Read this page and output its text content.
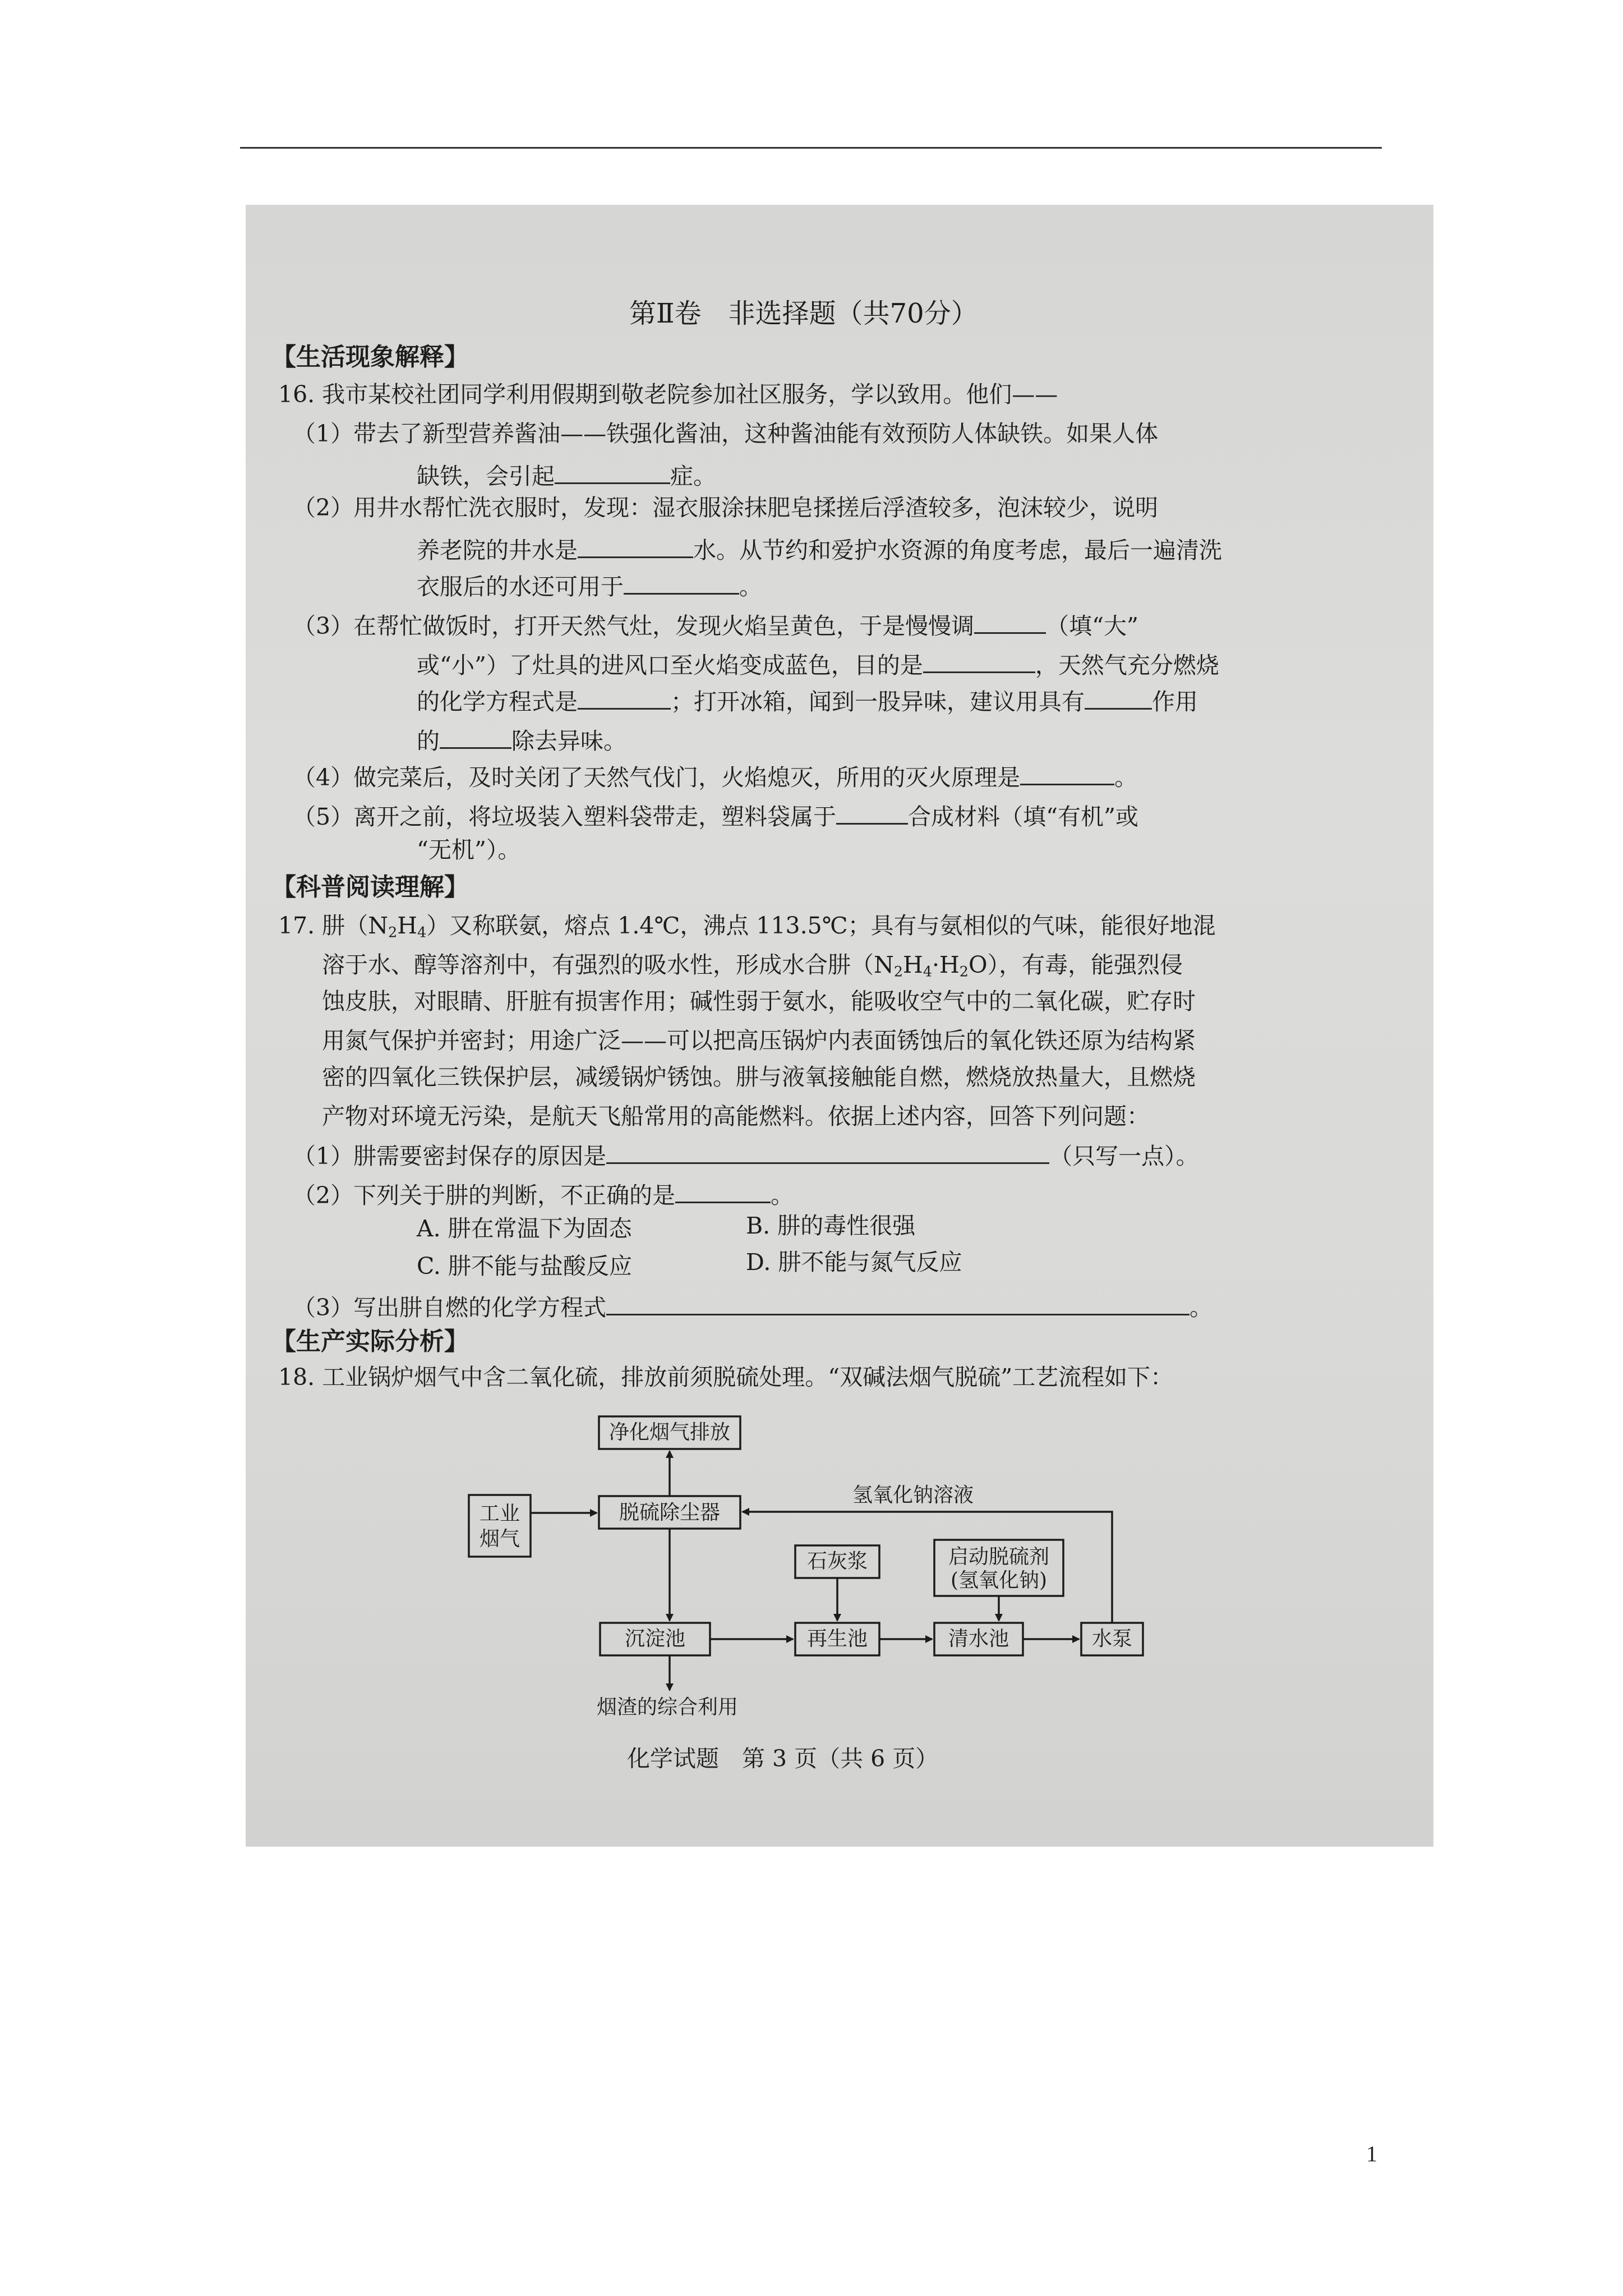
第Ⅱ卷　非选择题（共70分）
【生活现象解释】
16. 我市某校社团同学利用假期到敬老院参加社区服务，学以致用。他们——
（1）带去了新型营养酱油——铁强化酱油，这种酱油能有效预防人体缺铁。如果人体
缺铁，会引起	症。
（2）用井水帮忙洗衣服时，发现：湿衣服涂抹肥皂揉搓后浮渣较多，泡沫较少，说明
养老院的井水是	水。从节约和爱护水资源的角度考虑，最后一遍清洗
衣服后的水还可用于	。
（3）在帮忙做饭时，打开天然气灶，发现火焰呈黄色，于是慢慢调	（填“大”
或“小”）了灶具的进风口至火焰变成蓝色，目的是	，天然气充分燃烧
的化学方程式是	；打开冰箱，闻到一股异味，建议用具有	作用
的	除去异味。
（4）做完菜后，及时关闭了天然气伐门，火焰熄灭，所用的灭火原理是	。
（5）离开之前，将垃圾装入塑料袋带走，塑料袋属于	合成材料（填“有机”或
“无机”）。
【科普阅读理解】
17. 肼$(N_2H_4)$又称联氨，熔点 1.4℃，沸点 113.5℃；具有与氨相似的气味，能很好地混
溶于水、醇等溶剂中，有强烈的吸水性，形成水合肼$(N_2H_4\cdot H_2O)$，有毒，能强烈侵
蚀皮肤，对眼睛、肝脏有损害作用；碱性弱于氨水，能吸收空气中的二氧化碳，贮存时
用氮气保护并密封；用途广泛——可以把高压锅炉内表面锈蚀后的氧化铁还原为结构紧
密的四氧化三铁保护层，减缓锅炉锈蚀。肼与液氧接触能自燃，燃烧放热量大，且燃烧
产物对环境无污染，是航天飞船常用的高能燃料。依据上述内容，回答下列问题：
（1）肼需要密封保存的原因是	（只写一点）。
（2）下列关于肼的判断，不正确的是	。
A. 肼在常温下为固态	B. 肼的毒性很强
C. 肼不能与盐酸反应	D. 肼不能与氮气反应
（3）写出肼自燃的化学方程式	。
【生产实际分析】
18. 工业锅炉烟气中含二氧化硫，排放前须脱硫处理。“双碱法烟气脱硫”工艺流程如下：
净化烟气排放
工业
烟气
脱硫除尘器
氢氧化钠溶液
石灰浆	启动脱硫剂
(氢氧化钠)
沉淀池	再生池	清水池	水泵
烟渣的综合利用
化学试题　第 3 页（共 6 页）
1
